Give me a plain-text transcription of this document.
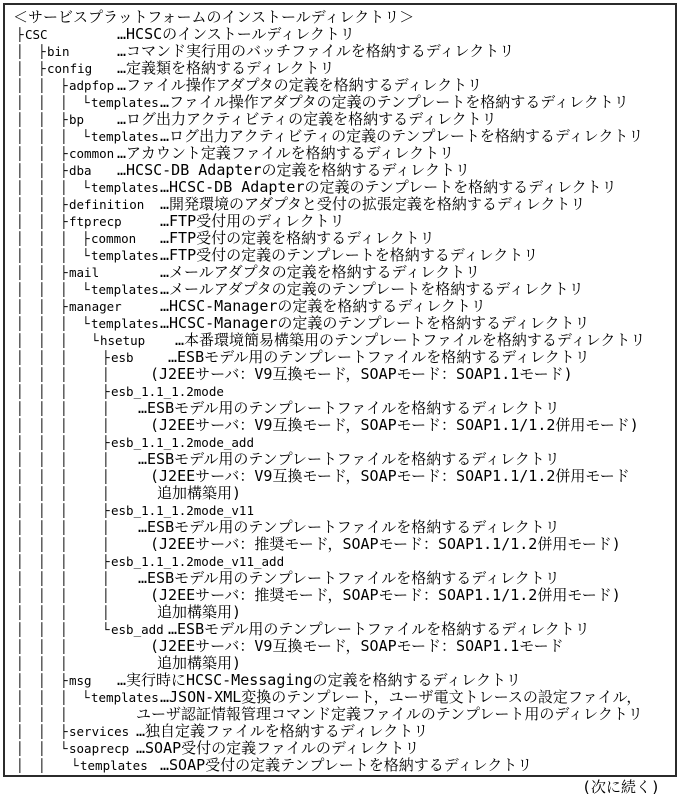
＜サービスプラットフォームのインストールディレクトリ＞
├ CSC	…HCSCのインストールディレクトリ
│ ├ bin	…コマンド実行用のバッチファイルを格納するディレクトリ
│ ├ config …定義類を格納するディレクトリ
│ │ ├ adpfop …ファイル操作アダプタの定義を格納するディレクトリ
│ │ │ └ templates …ファイル操作アダプタの定義のテンプレートを格納するディレクトリ
│ │ ├ bp …ログ出力アクティビティの定義を格納するディレクトリ
│ │ │ └ templates …ログ出力アクティビティの定義のテンプレートを格納するディレクトリ
│ │ ├ common …アカウント定義ファイルを格納するディレクトリ
│ │ ├ dba …HCSC-DB Adapterの定義を格納するディレクトリ
│ │ │ └ templates …HCSC-DB Adapterの定義のテンプレートを格納するディレクトリ
│ │ ├ definition …開発環境のアダプタと受付の拡張定義を格納するディレクトリ
│ │ ├ ftprecp	…FTP受付用のディレクトリ
│ │ │ ├ common …FTP受付の定義を格納するディレクトリ
│ │ │ └ templates …FTP受付の定義のテンプレートを格納するディレクトリ
│ │ ├ mail	…メールアダプタの定義を格納するディレクトリ
│ │ │ └ templates …メールアダプタの定義のテンプレートを格納するディレクトリ
│ │ ├ manager	…HCSC-Managerの定義を格納するディレクトリ
│ │ │ └ templates …HCSC-Managerの定義のテンプレートを格納するディレクトリ
│ │ │ └ hsetup …本番環境簡易構築用のテンプレートファイルを格納するディレクトリ
│ │ │	├ esb …ESBモデル用のテンプレートファイルを格納するディレクトリ
│ │ │	│	(J2EEサーバ：V9互換モード，SOAPモード：SOAP1.1モード)
│ │ │	├ esb_1.1_1.2mode
│ │ │	│ …ESBモデル用のテンプレートファイルを格納するディレクトリ
│ │ │	│	(J2EEサーバ：V9互換モード，SOAPモード：SOAP1.1/1.2併用モード)
│ │ │	├ esb_1.1_1.2mode_add
│ │ │	│ …ESBモデル用のテンプレートファイルを格納するディレクトリ
│ │ │	│	(J2EEサーバ：V9互換モード，SOAPモード：SOAP1.1/1.2併用モード
│ │ │	│	追加構築用)
│ │ │	├ esb_1.1_1.2mode_v11
│ │ │	│ …ESBモデル用のテンプレートファイルを格納するディレクトリ
│ │ │	│	(J2EEサーバ：推奨モード，SOAPモード：SOAP1.1/1.2併用モード)
│ │ │	├ esb_1.1_1.2mode_v11_add
│ │ │	│ …ESBモデル用のテンプレートファイルを格納するディレクトリ
│ │ │	│	(J2EEサーバ：推奨モード，SOAPモード：SOAP1.1/1.2併用モード)
│ │ │	│	追加構築用)
│ │ │	└ esb_add …ESBモデル用のテンプレートファイルを格納するディレクトリ
│ │ │	(J2EEサーバ：V9互換モード，SOAPモード：SOAP1.1モード
│ │ │	追加構築用)
│ │ ├ msg …実行時にHCSC-Messagingの定義を格納するディレクトリ
│ │ │ └ templates …JSON-XML変換のテンプレート，ユーザ電文トレースの設定ファイル，
│ │ │	ユーザ認証情報管理コマンド定義ファイルのテンプレート用のディレクトリ
│ │ ├ services …独自定義ファイルを格納するディレクトリ
│ │ └ soaprecp …SOAP受付の定義ファイルのディレクトリ
│ │ └ templates …SOAP受付の定義テンプレートを格納するディレクトリ
(次に続く)
